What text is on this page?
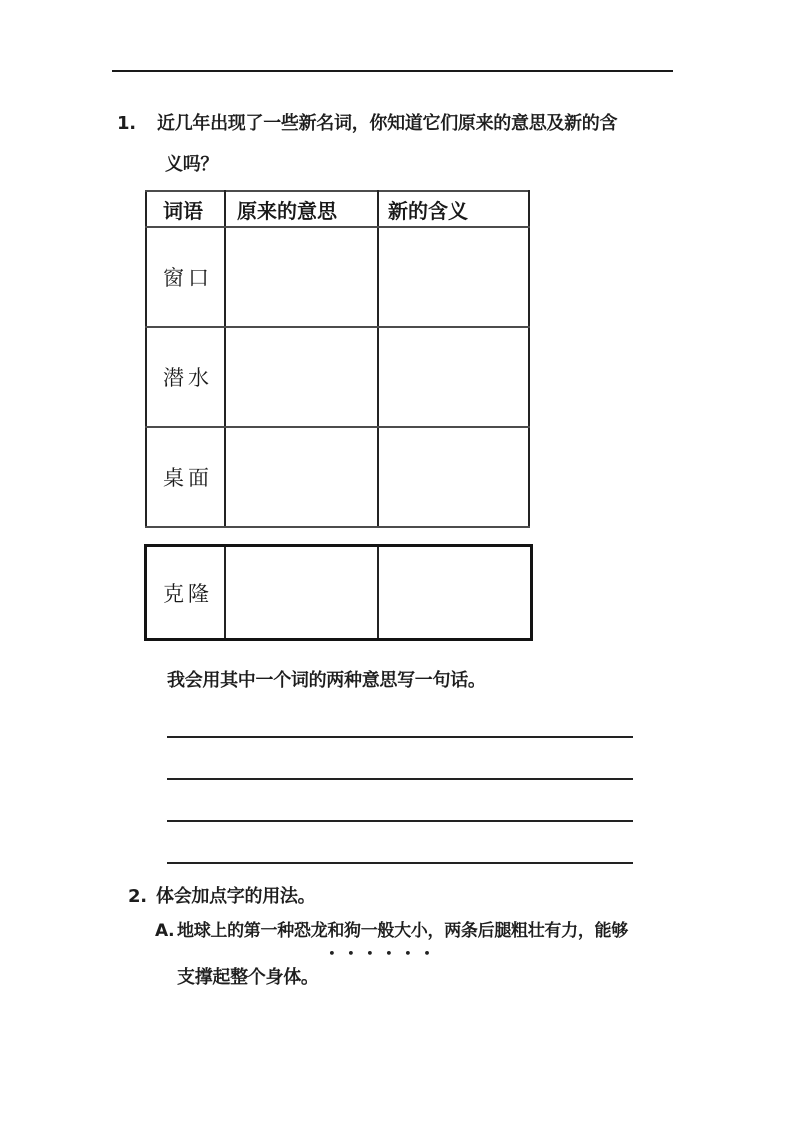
1. 近几年出现了一些新名词，你知道它们原来的意思及新的含
义吗？
词语	原来的意思	新的含义
窗口		
潜水		
桌面		
克隆		
我会用其中一个词的两种意思写一句话。
2. 体会加点字的用法。
A. 地球上的第一种恐龙和狗一般大小
••••••
，两条后腿粗壮有力，能够
支撑起整个身体。
